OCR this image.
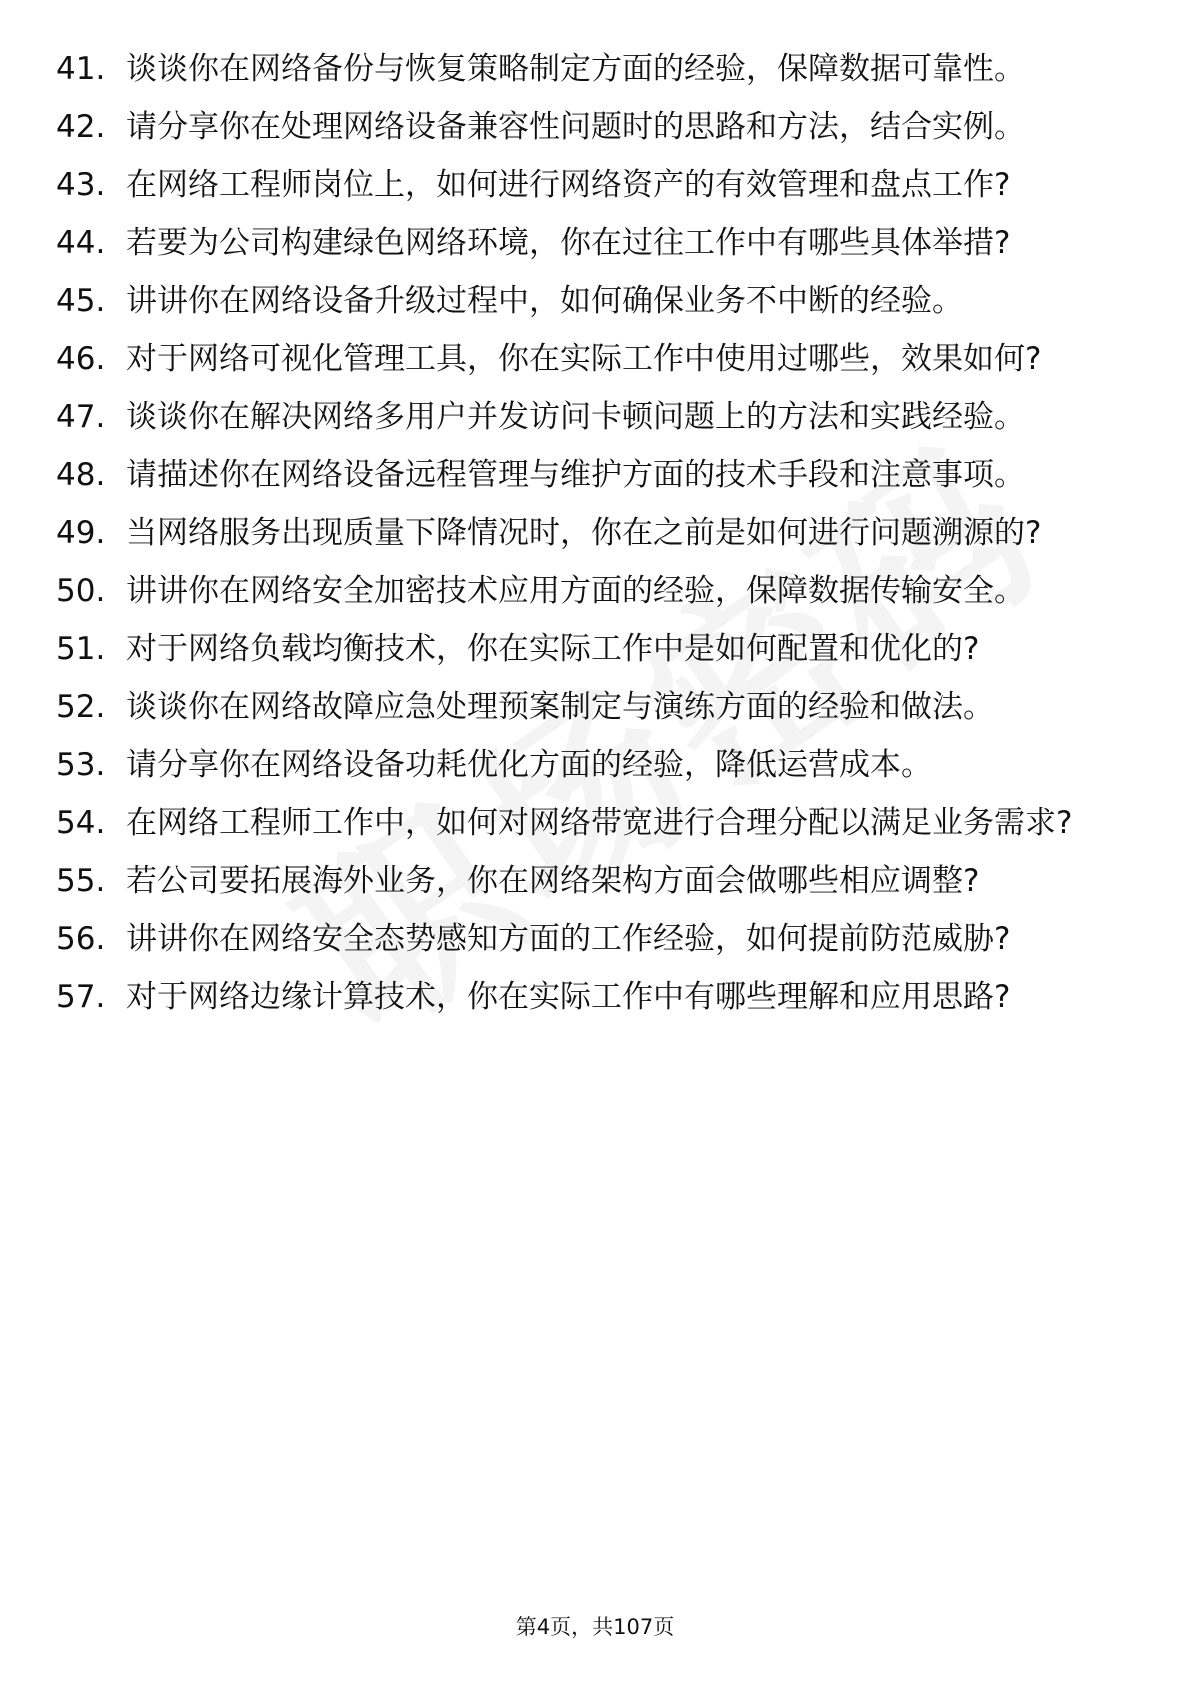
41. 谈谈你在网络备份与恢复策略制定方面的经验，保障数据可靠性。
42. 请分享你在处理网络设备兼容性问题时的思路和方法，结合实例。
43. 在网络工程师岗位上，如何进行网络资产的有效管理和盘点工作?
44. 若要为公司构建绿色网络环境，你在过往工作中有哪些具体举措?
45. 讲讲你在网络设备升级过程中，如何确保业务不中断的经验。
46. 对于网络可视化管理工具，你在实际工作中使用过哪些，效果如何?
47. 谈谈你在解决网络多用户并发访问卡顿问题上的方法和实践经验。
48. 请描述你在网络设备远程管理与维护方面的技术手段和注意事项。
49. 当网络服务出现质量下降情况时，你在之前是如何进行问题溯源的?
50. 讲讲你在网络安全加密技术应用方面的经验，保障数据传输安全。
51. 对于网络负载均衡技术，你在实际工作中是如何配置和优化的?
52. 谈谈你在网络故障应急处理预案制定与演练方面的经验和做法。
53. 请分享你在网络设备功耗优化方面的经验，降低运营成本。
54. 在网络工程师工作中，如何对网络带宽进行合理分配以满足业务需求?
55. 若公司要拓展海外业务，你在网络架构方面会做哪些相应调整?
56. 讲讲你在网络安全态势感知方面的工作经验，如何提前防范威胁?
57. 对于网络边缘计算技术，你在实际工作中有哪些理解和应用思路?
第4页，共107页
